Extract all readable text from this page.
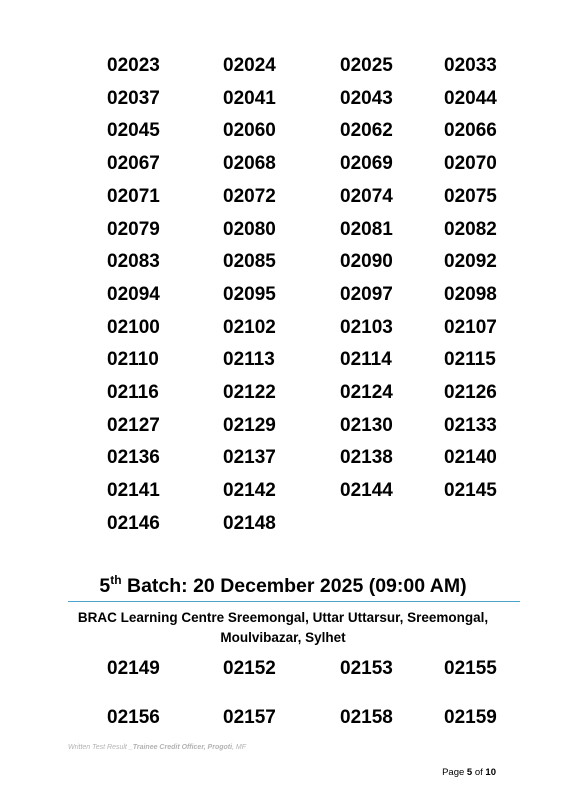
02023	02024	02025	02033
02037	02041	02043	02044
02045	02060	02062	02066
02067	02068	02069	02070
02071	02072	02074	02075
02079	02080	02081	02082
02083	02085	02090	02092
02094	02095	02097	02098
02100	02102	02103	02107
02110	02113	02114	02115
02116	02122	02124	02126
02127	02129	02130	02133
02136	02137	02138	02140
02141	02142	02144	02145
02146	02148
5th Batch: 20 December 2025 (09:00 AM)
BRAC Learning Centre Sreemongal, Uttar Uttarsur, Sreemongal,
Moulvibazar, Sylhet
02149	02152	02153	02155
02156	02157	02158	02159
Written Test Result _Trainee Credit Officer, Progoti, MF
Page 5 of 10
